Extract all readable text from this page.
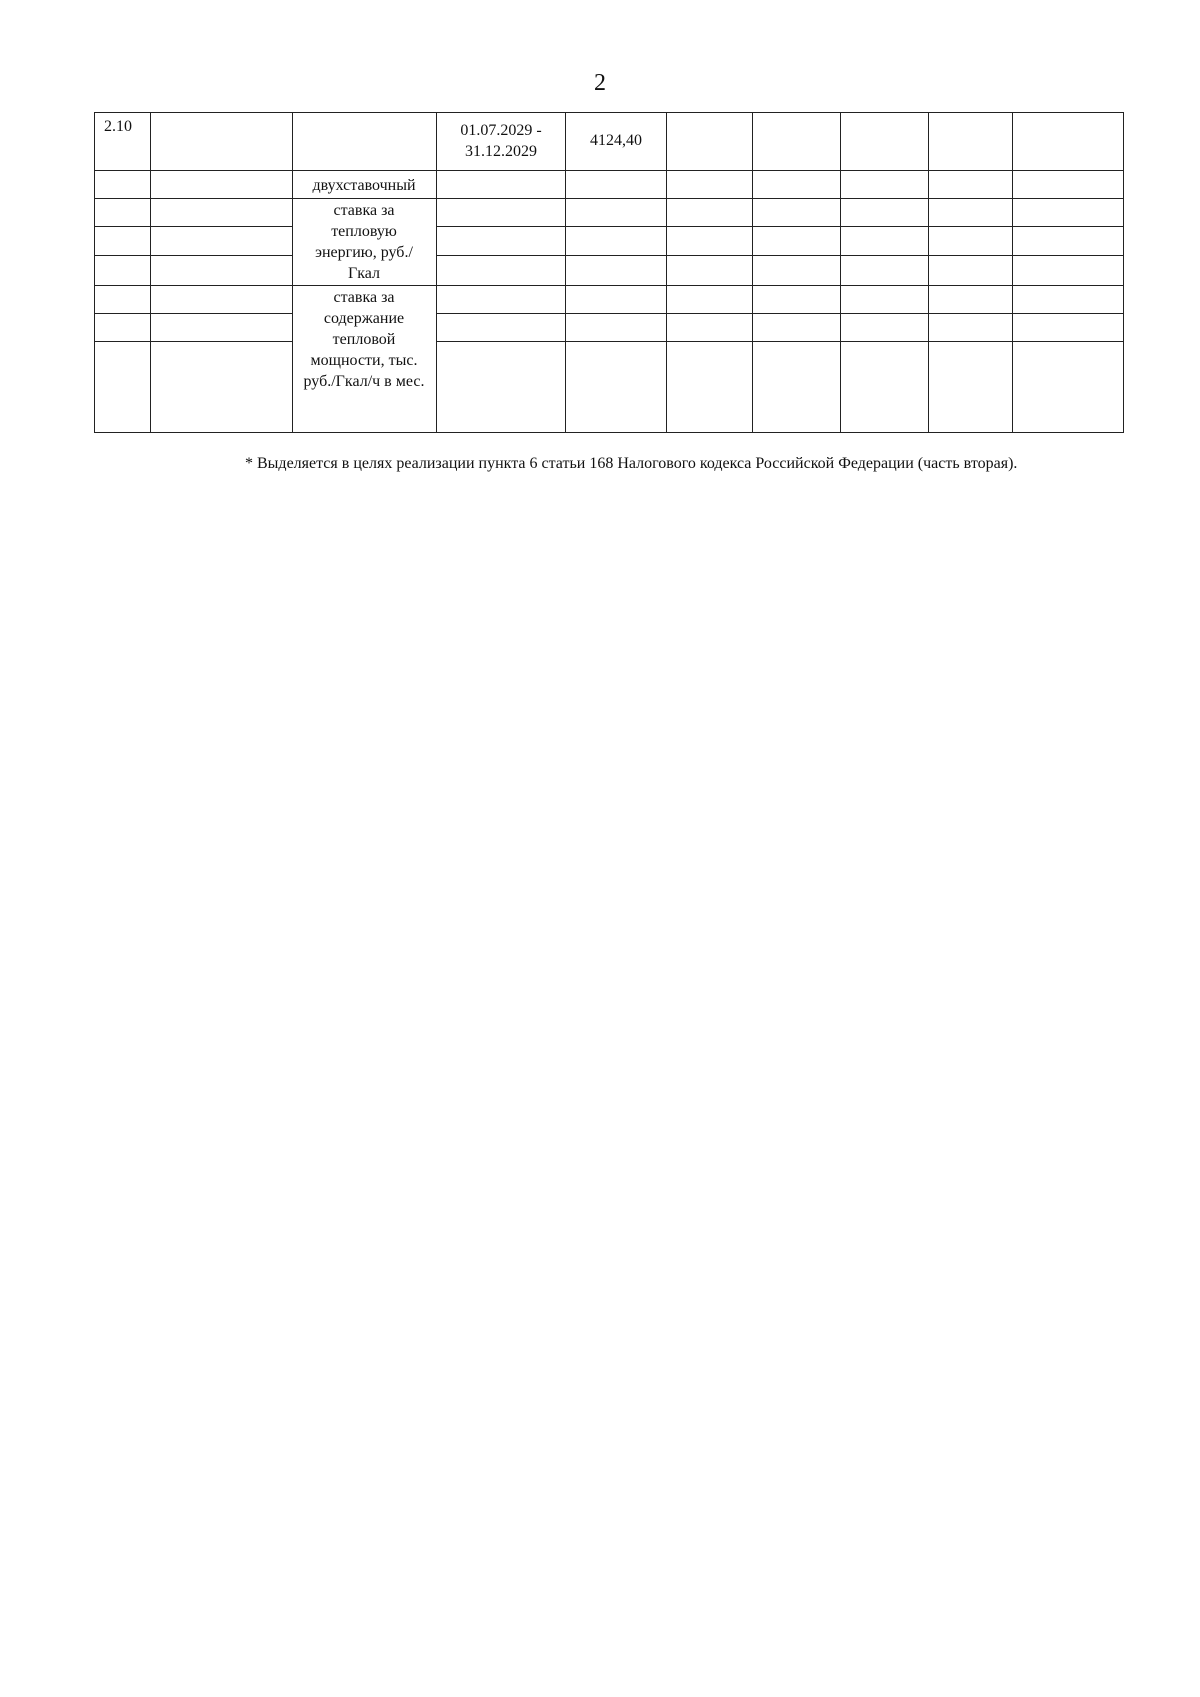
2
2.10	01.07.2029 - 31.12.2029
4124,40
двухставочный
ставка за тепловую энергию, руб./Гкал
ставка за содержание тепловой мощности, тыс. руб./Гкал/ч в мес.
* Выделяется в целях реализации пункта 6 статьи 168 Налогового кодекса Российской Федерации (часть вторая).
